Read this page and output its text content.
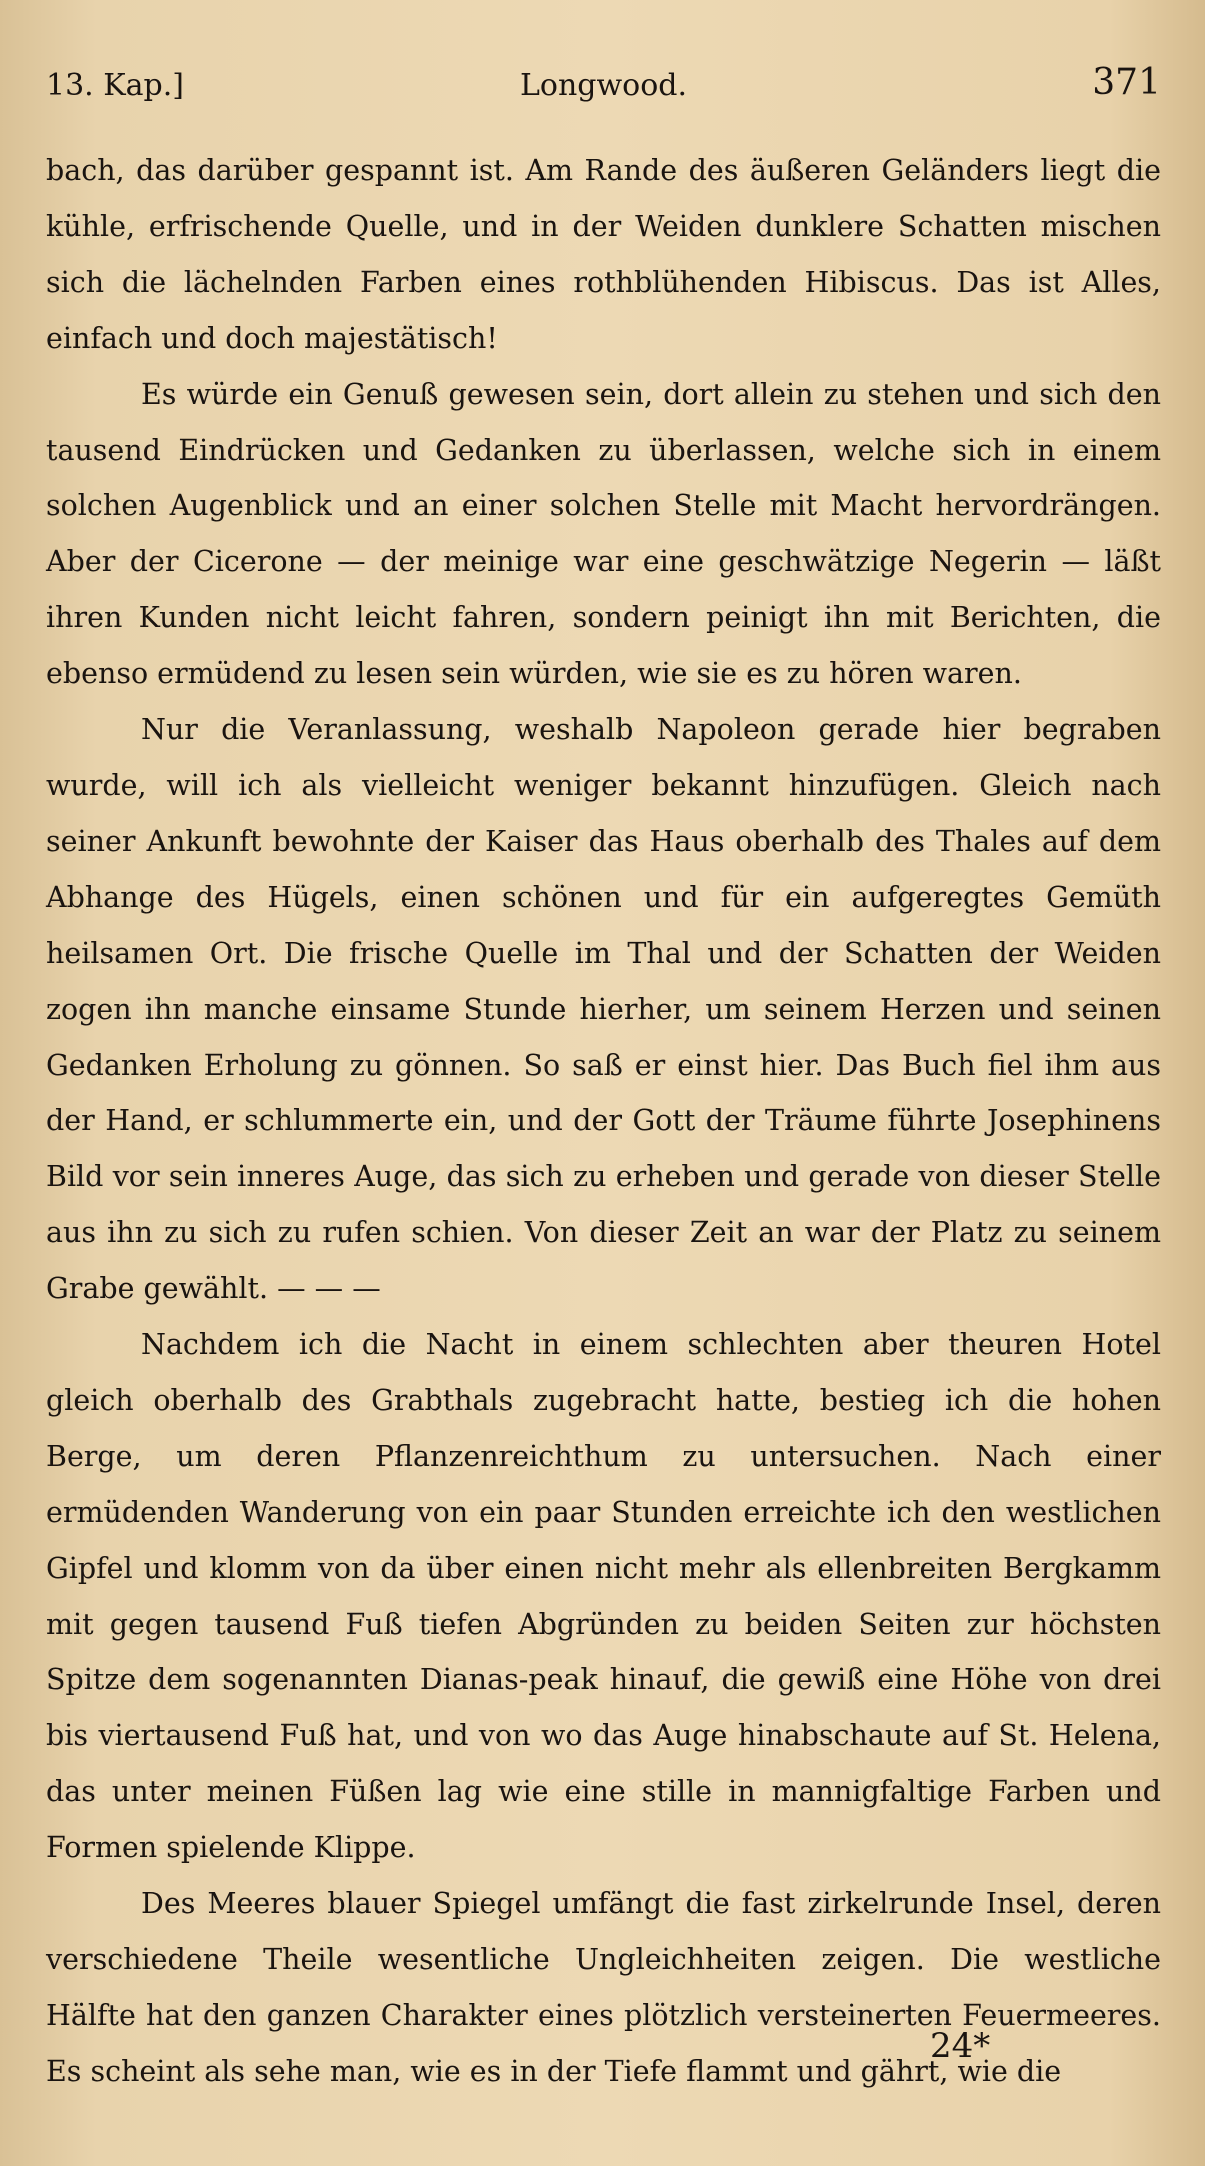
13. Kap.]	Longwood.	371

bach, das darüber gespannt ist. Am Rande des äußeren Geländers liegt die kühle, erfrischende Quelle, und in der Weiden dunklere Schatten mischen sich die lächelnden Farben eines rothblühenden Hibiscus. Das ist Alles, einfach und doch majestätisch!

Es würde ein Genuß gewesen sein, dort allein zu stehen und sich den tausend Eindrücken und Gedanken zu überlassen, welche sich in einem solchen Augenblick und an einer solchen Stelle mit Macht hervordrängen. Aber der Cicerone — der meinige war eine geschwätzige Negerin — läßt ihren Kunden nicht leicht fahren, sondern peinigt ihn mit Berichten, die ebenso ermüdend zu lesen sein würden, wie sie es zu hören waren.

Nur die Veranlassung, weshalb Napoleon gerade hier begraben wurde, will ich als vielleicht weniger bekannt hinzufügen. Gleich nach seiner Ankunft bewohnte der Kaiser das Haus oberhalb des Thales auf dem Abhange des Hügels, einen schönen und für ein aufgeregtes Gemüth heilsamen Ort. Die frische Quelle im Thal und der Schatten der Weiden zogen ihn manche einsame Stunde hierher, um seinem Herzen und seinen Gedanken Erholung zu gönnen. So saß er einst hier. Das Buch fiel ihm aus der Hand, er schlummerte ein, und der Gott der Träume führte Josephinens Bild vor sein inneres Auge, das sich zu erheben und gerade von dieser Stelle aus ihn zu sich zu rufen schien. Von dieser Zeit an war der Platz zu seinem Grabe gewählt. — — —

Nachdem ich die Nacht in einem schlechten aber theuren Hotel gleich oberhalb des Grabthals zugebracht hatte, bestieg ich die hohen Berge, um deren Pflanzenreichthum zu untersuchen. Nach einer ermüdenden Wanderung von ein paar Stunden erreichte ich den westlichen Gipfel und klomm von da über einen nicht mehr als ellenbreiten Bergkamm mit gegen tausend Fuß tiefen Abgründen zu beiden Seiten zur höchsten Spitze dem sogenannten Dianas-peak hinauf, die gewiß eine Höhe von drei bis viertausend Fuß hat, und von wo das Auge hinabschaute auf St. Helena, das unter meinen Füßen lag wie eine stille in mannigfaltige Farben und Formen spielende Klippe.

Des Meeres blauer Spiegel umfängt die fast zirkelrunde Insel, deren verschiedene Theile wesentliche Ungleichheiten zeigen. Die westliche Hälfte hat den ganzen Charakter eines plötzlich versteinerten Feuermeeres. Es scheint als sehe man, wie es in der Tiefe flammt und gährt, wie die

24*
